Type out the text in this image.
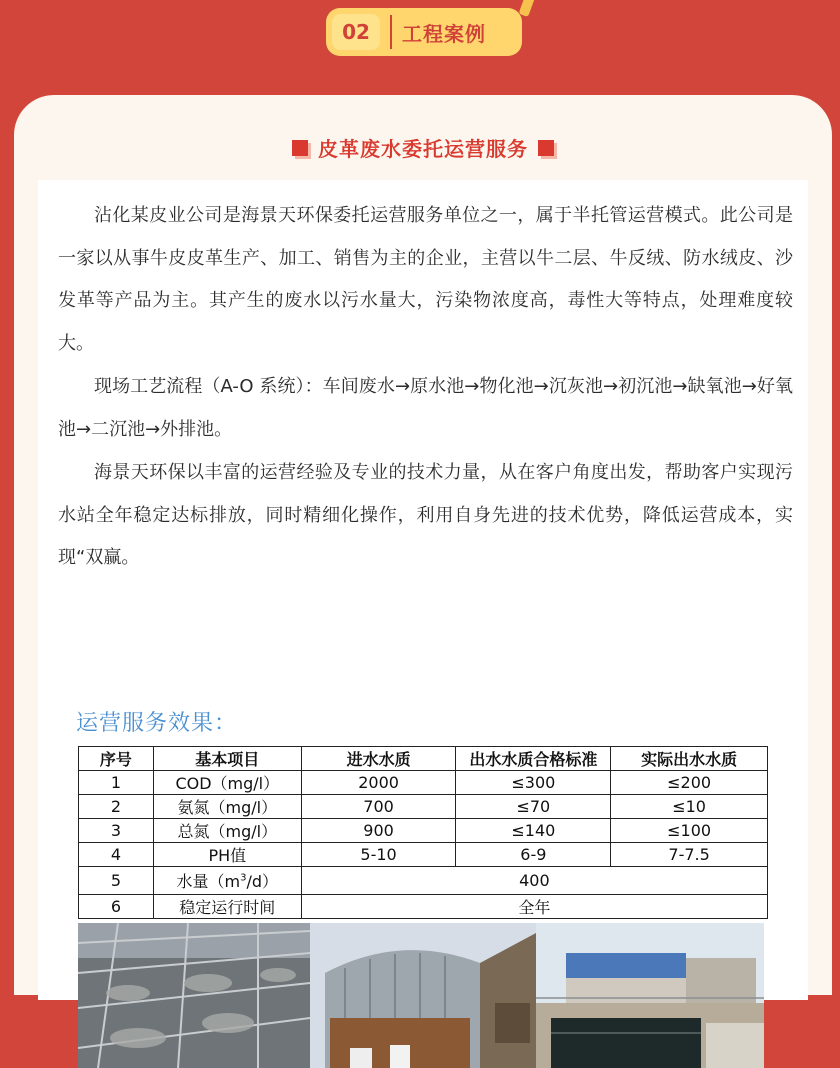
02	工程案例
皮革废水委托运营服务

沾化某皮业公司是海景天环保委托运营服务单位之一，属于半托管运营模式。此公司是一家以从事牛皮皮革生产、加工、销售为主的企业，主营以牛二层、牛反绒、防水绒皮、沙发革等产品为主。其产生的废水以污水量大，污染物浓度高，毒性大等特点，处理难度较大。

现场工艺流程（A-O 系统）：车间废水→原水池→物化池→沉灰池→初沉池→缺氧池→好氧池→二沉池→外排池。

海景天环保以丰富的运营经验及专业的技术力量，从在客户角度出发，帮助客户实现污水站全年稳定达标排放，同时精细化操作，利用自身先进的技术优势，降低运营成本，实现“双赢。

运营服务效果：
序号	基本项目	进水水质	出水水质合格标准	实际出水水质
1	COD（mg/l）	2000	≤300	≤200
2	氨氮（mg/l）	700	≤70	≤10
3	总氮（mg/l）	900	≤140	≤100
4	PH值	5-10	6-9	7-7.5
5	水量$(m^3/d)$	400		
6	稳定运行时间	全年		
